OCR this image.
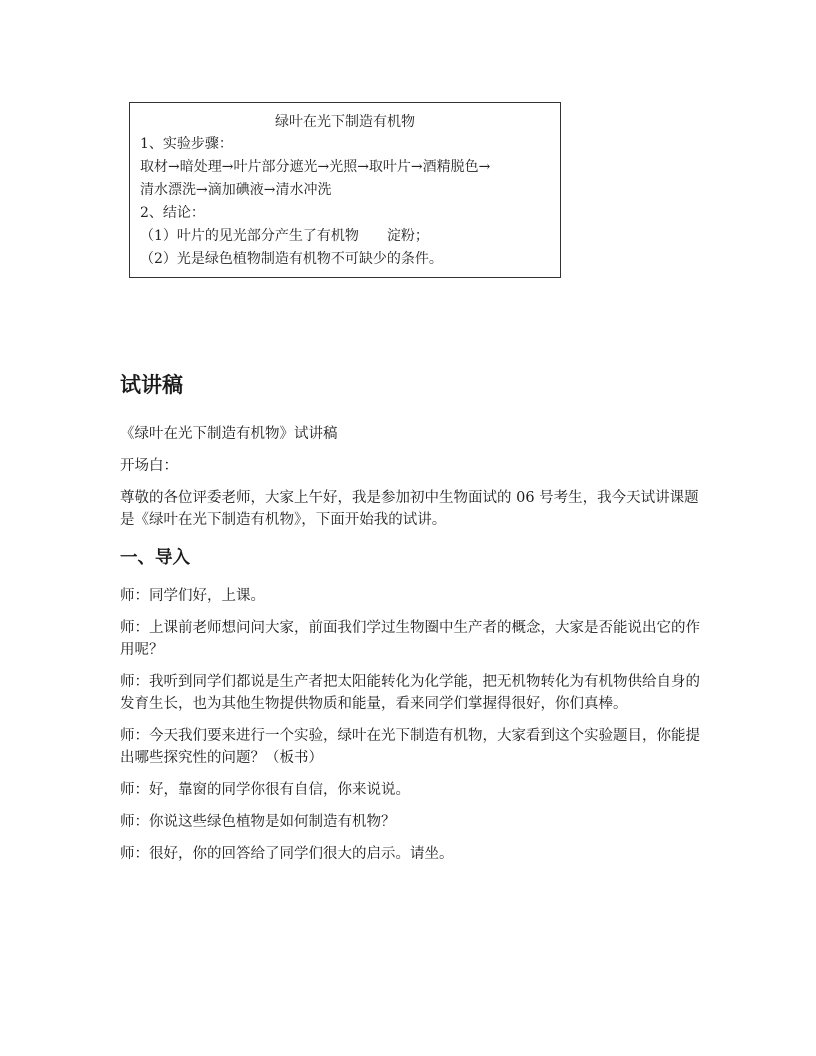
绿叶在光下制造有机物

1、实验步骤：

取材→暗处理→叶片部分遮光→光照→取叶片→酒精脱色→

清水漂洗→滴加碘液→清水冲洗

2、结论：

（1）叶片的见光部分产生了有机物　　淀粉；

（2）光是绿色植物制造有机物不可缺少的条件。

试讲稿

《绿叶在光下制造有机物》试讲稿

开场白：

尊敬的各位评委老师，大家上午好，我是参加初中生物面试的 06 号考生，我今天试讲课题是《绿叶在光下制造有机物》，下面开始我的试讲。

一、导入

师：同学们好，上课。

师：上课前老师想问问大家，前面我们学过生物圈中生产者的概念，大家是否能说出它的作用呢？

师：我听到同学们都说是生产者把太阳能转化为化学能，把无机物转化为有机物供给自身的发育生长，也为其他生物提供物质和能量，看来同学们掌握得很好，你们真棒。

师：今天我们要来进行一个实验，绿叶在光下制造有机物，大家看到这个实验题目，你能提出哪些探究性的问题？（板书）

师：好，靠窗的同学你很有自信，你来说说。

师：你说这些绿色植物是如何制造有机物？

师：很好，你的回答给了同学们很大的启示。请坐。
